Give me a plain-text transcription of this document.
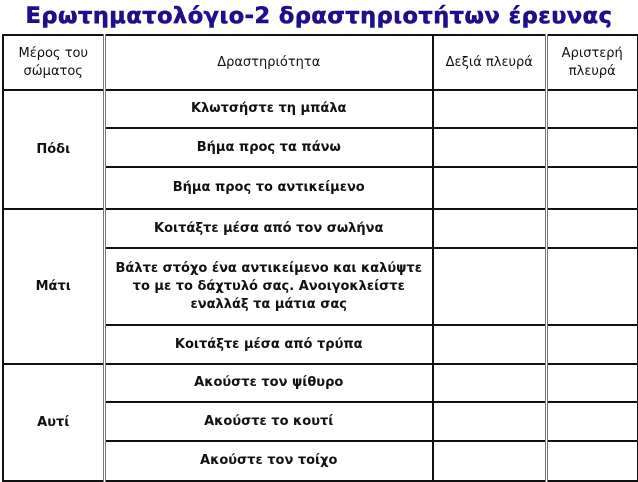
Ερωτηματολόγιο-2 δραστηριοτήτων έρευνας
Μέρος του σώματος	Δραστηριότητα	Δεξιά πλευρά	Αριστερή πλευρά
Πόδι	Κλωτσήστε τη μπάλα		
	Βήμα προς τα πάνω		
	Βήμα προς το αντικείμενο		
Μάτι	Κοιτάξτε μέσα από τον σωλήνα		
	Βάλτε στόχο ένα αντικείμενο και καλύψτε το με το δάχτυλό σας. Ανοιγοκλείστε εναλλάξ τα μάτια σας		
	Κοιτάξτε μέσα από τρύπα		
Αυτί	Ακούστε τον ψίθυρο		
	Ακούστε το κουτί		
	Ακούστε τον τοίχο		
